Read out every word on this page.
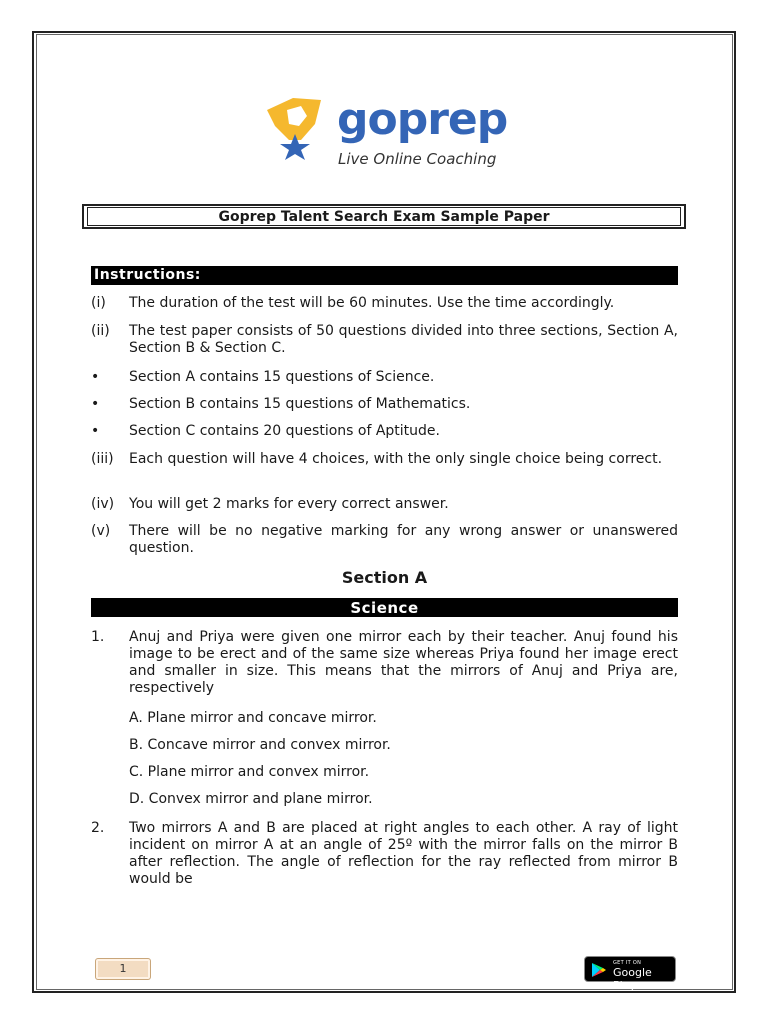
goprep
Live Online Coaching
Goprep Talent Search Exam Sample Paper
Instructions:
(i) The duration of the test will be 60 minutes. Use the time accordingly.
(ii) The test paper consists of 50 questions divided into three sections, Section A, Section B & Section C.
• Section A contains 15 questions of Science.
• Section B contains 15 questions of Mathematics.
• Section C contains 20 questions of Aptitude.
(iii) Each question will have 4 choices, with the only single choice being correct.
(iv) You will get 2 marks for every correct answer.
(v) There will be no negative marking for any wrong answer or unanswered question.
Section A
Science
1. Anuj and Priya were given one mirror each by their teacher. Anuj found his image to be erect and of the same size whereas Priya found her image erect and smaller in size. This means that the mirrors of Anuj and Priya are, respectively
A. Plane mirror and concave mirror.
B. Concave mirror and convex mirror.
C. Plane mirror and convex mirror.
D. Convex mirror and plane mirror.
2. Two mirrors A and B are placed at right angles to each other. A ray of light incident on mirror A at an angle of 25º with the mirror falls on the mirror B after reflection. The angle of reflection for the ray reflected from mirror B would be
1	GET IT ON
Google Play
